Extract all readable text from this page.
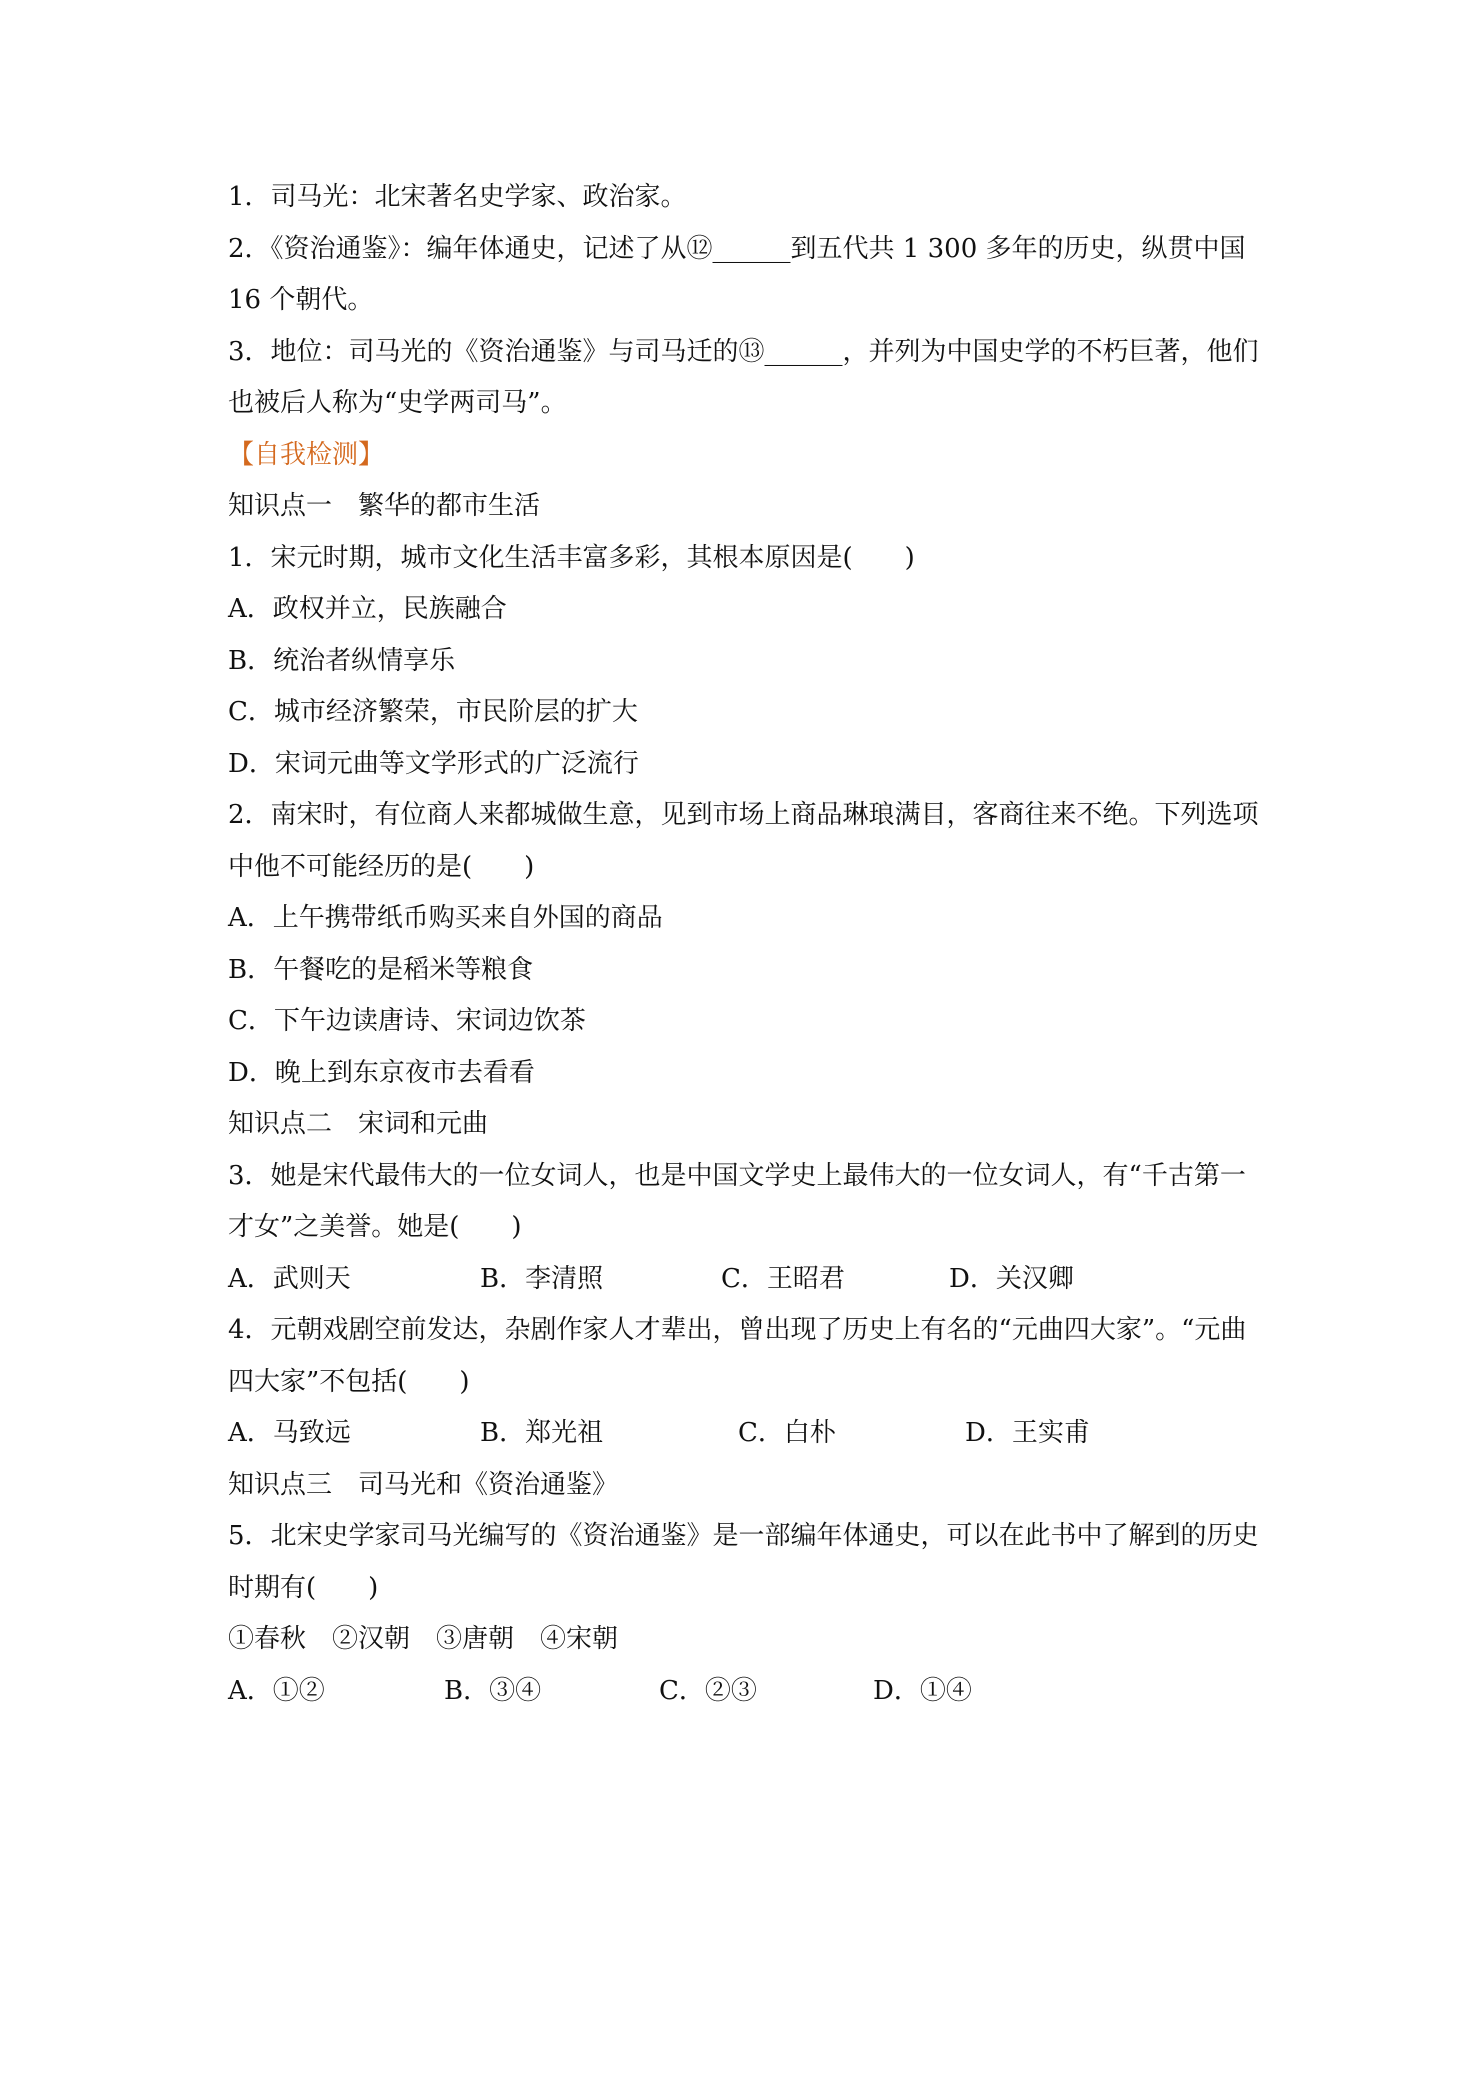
1．司马光：北宋著名史学家、政治家。
2．《资治通鉴》：编年体通史，记述了从⑫______到五代共 1 300 多年的历史，纵贯中国
16 个朝代。
3．地位：司马光的《资治通鉴》与司马迁的⑬______，并列为中国史学的不朽巨著，他们
也被后人称为“史学两司马”。
【自我检测】
知识点一　繁华的都市生活
1．宋元时期，城市文化生活丰富多彩，其根本原因是(　　)
A．政权并立，民族融合
B．统治者纵情享乐
C．城市经济繁荣，市民阶层的扩大
D．宋词元曲等文学形式的广泛流行
2．南宋时，有位商人来都城做生意，见到市场上商品琳琅满目，客商往来不绝。下列选项
中他不可能经历的是(　　)
A．上午携带纸币购买来自外国的商品
B．午餐吃的是稻米等粮食
C．下午边读唐诗、宋词边饮茶
D．晚上到东京夜市去看看
知识点二　宋词和元曲
3．她是宋代最伟大的一位女词人，也是中国文学史上最伟大的一位女词人，有“千古第一
才女”之美誉。她是(　　)
A．武则天	B．李清照	C．王昭君	D．关汉卿
4．元朝戏剧空前发达，杂剧作家人才辈出，曾出现了历史上有名的“元曲四大家”。“元曲
四大家”不包括(　　)
A．马致远	B．郑光祖	C．白朴	D．王实甫
知识点三　司马光和《资治通鉴》
5．北宋史学家司马光编写的《资治通鉴》是一部编年体通史，可以在此书中了解到的历史
时期有(　　)
①春秋　②汉朝　③唐朝　④宋朝
A．①②	B．③④	C．②③	D．①④
